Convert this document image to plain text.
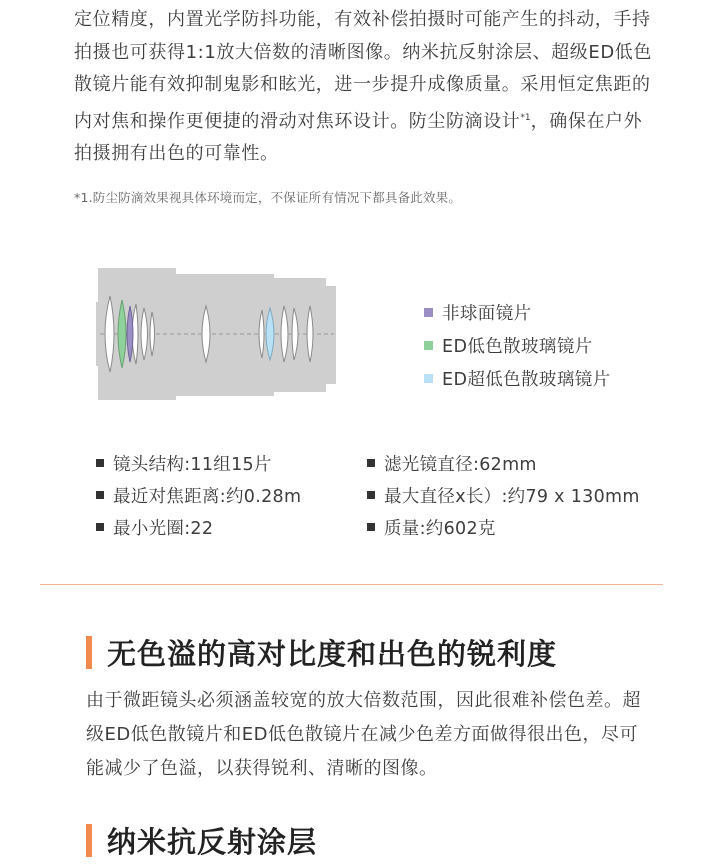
定位精度，内置光学防抖功能，有效补偿拍摄时可能产生的抖动，手持拍摄也可获得1:1放大倍数的清晰图像。纳米抗反射涂层、超级ED低色散镜片能有效抑制鬼影和眩光，进一步提升成像质量。采用恒定焦距的内对焦和操作更便捷的滑动对焦环设计。防尘防滴设计$^{*1}$，确保在户外拍摄拥有出色的可靠性。
*1.防尘防滴效果视具体环境而定，不保证所有情况下都具备此效果。
非球面镜片
ED低色散玻璃镜片
ED超低色散玻璃镜片
镜头结构:11组15片
最近对焦距离:约0.28m
最小光圈:22
滤光镜直径:62mm
最大直径x长）:约79 x 130mm
质量:约602克
无色溢的高对比度和出色的锐利度
由于微距镜头必须涵盖较宽的放大倍数范围，因此很难补偿色差。超级ED低色散镜片和ED低色散镜片在减少色差方面做得很出色，尽可能减少了色溢，以获得锐利、清晰的图像。
纳米抗反射涂层
